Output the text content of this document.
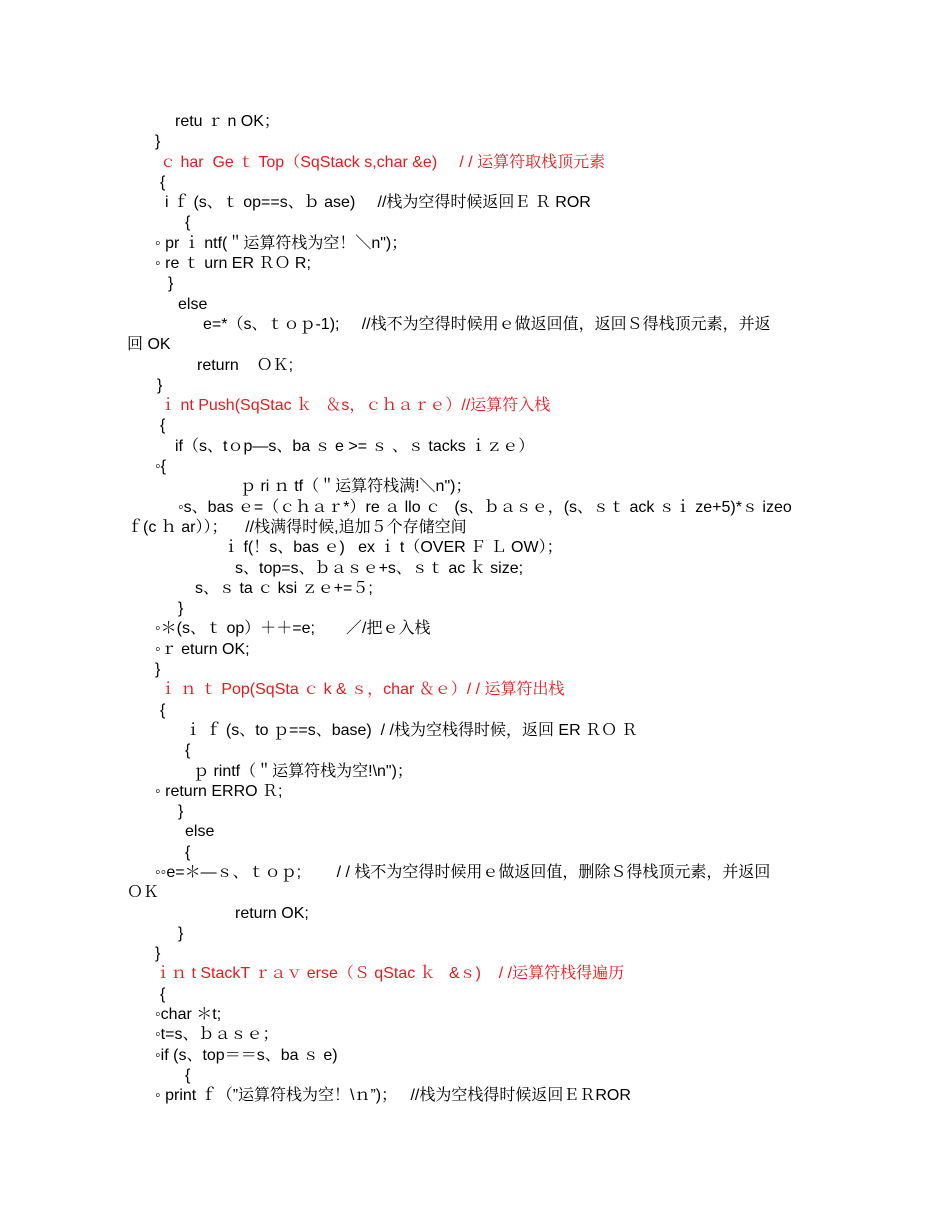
retu ｒ n OK；
}
ｃ har  Ge ｔ Top（SqStack s,char &e)     / / 运算符取栈顶元素
{
i ｆ (s、ｔ op==s、ｂ ase)     //栈为空得时候返回Ｅ Ｒ ROR
{
◦ pr ｉ ntf(＂运算符栈为空！＼n")；
◦ re ｔ urn ER ＲＯ R;
}
else
e=*（s、ｔｏｐ-1);     //栈不为空得时候用ｅ做返回值，返回Ｓ得栈顶元素，并返
回 OK
return    ＯＫ;
}
ｉ nt Push(SqStac ｋ   ＆s，ｃｈａｒｅ）//运算符入栈
{
if（s、tｏp—s、ba ｓ e >= ｓ 、ｓ tacks ｉｚｅ）
◦{
ｐ ri ｎ tf（＂运算符栈满!＼n")；
◦s、bas ｅ=（ｃｈａｒ*）re ａ llo ｃ   (s、ｂａｓｅ，(s、ｓｔ ack ｓｉ ze+5)*ｓ izeo
ｆ(c ｈ ar））；    //栈满得时候,追加５个存储空间
ｉ f(！s、bas ｅ)   ex ｉ t（OVER Ｆ Ｌ OW）；
s、top=s、ｂａｓｅ+s、ｓｔ ac ｋ size;
s、ｓ ta ｃ ksi ｚｅ+=５;
}
◦＊(s、ｔ op）＋＋=e;       ／/把ｅ入栈
◦ｒ eturn OK;
}
ｉ ｎ ｔ Pop(SqSta ｃ k & ｓ，char ＆ｅ）/ / 运算符出栈
{
ｉ ｆ (s、to ｐ==s、base)  / /栈为空栈得时候，返回 ER ＲＯ Ｒ
{
ｐ rintf（＂运算符栈为空!\n")；
◦ return ERRO Ｒ;
}
else
{
◦◦e=＊—ｓ、ｔｏｐ;        / / 栈不为空得时候用ｅ做返回值，删除Ｓ得栈顶元素，并返回
ＯＫ
return OK;
}
}
ｉｎ t StackT ｒａｖ erse（Ｓ qStac ｋ   &ｓ)    / /运算符栈得遍历
{
◦char ＊t;
◦t=s、ｂａｓｅ；
◦if (s、top＝＝s、ba ｓ e)
{
◦ print ｆ（”运算符栈为空！\ｎ”)；   //栈为空栈得时候返回ＥＲROR
